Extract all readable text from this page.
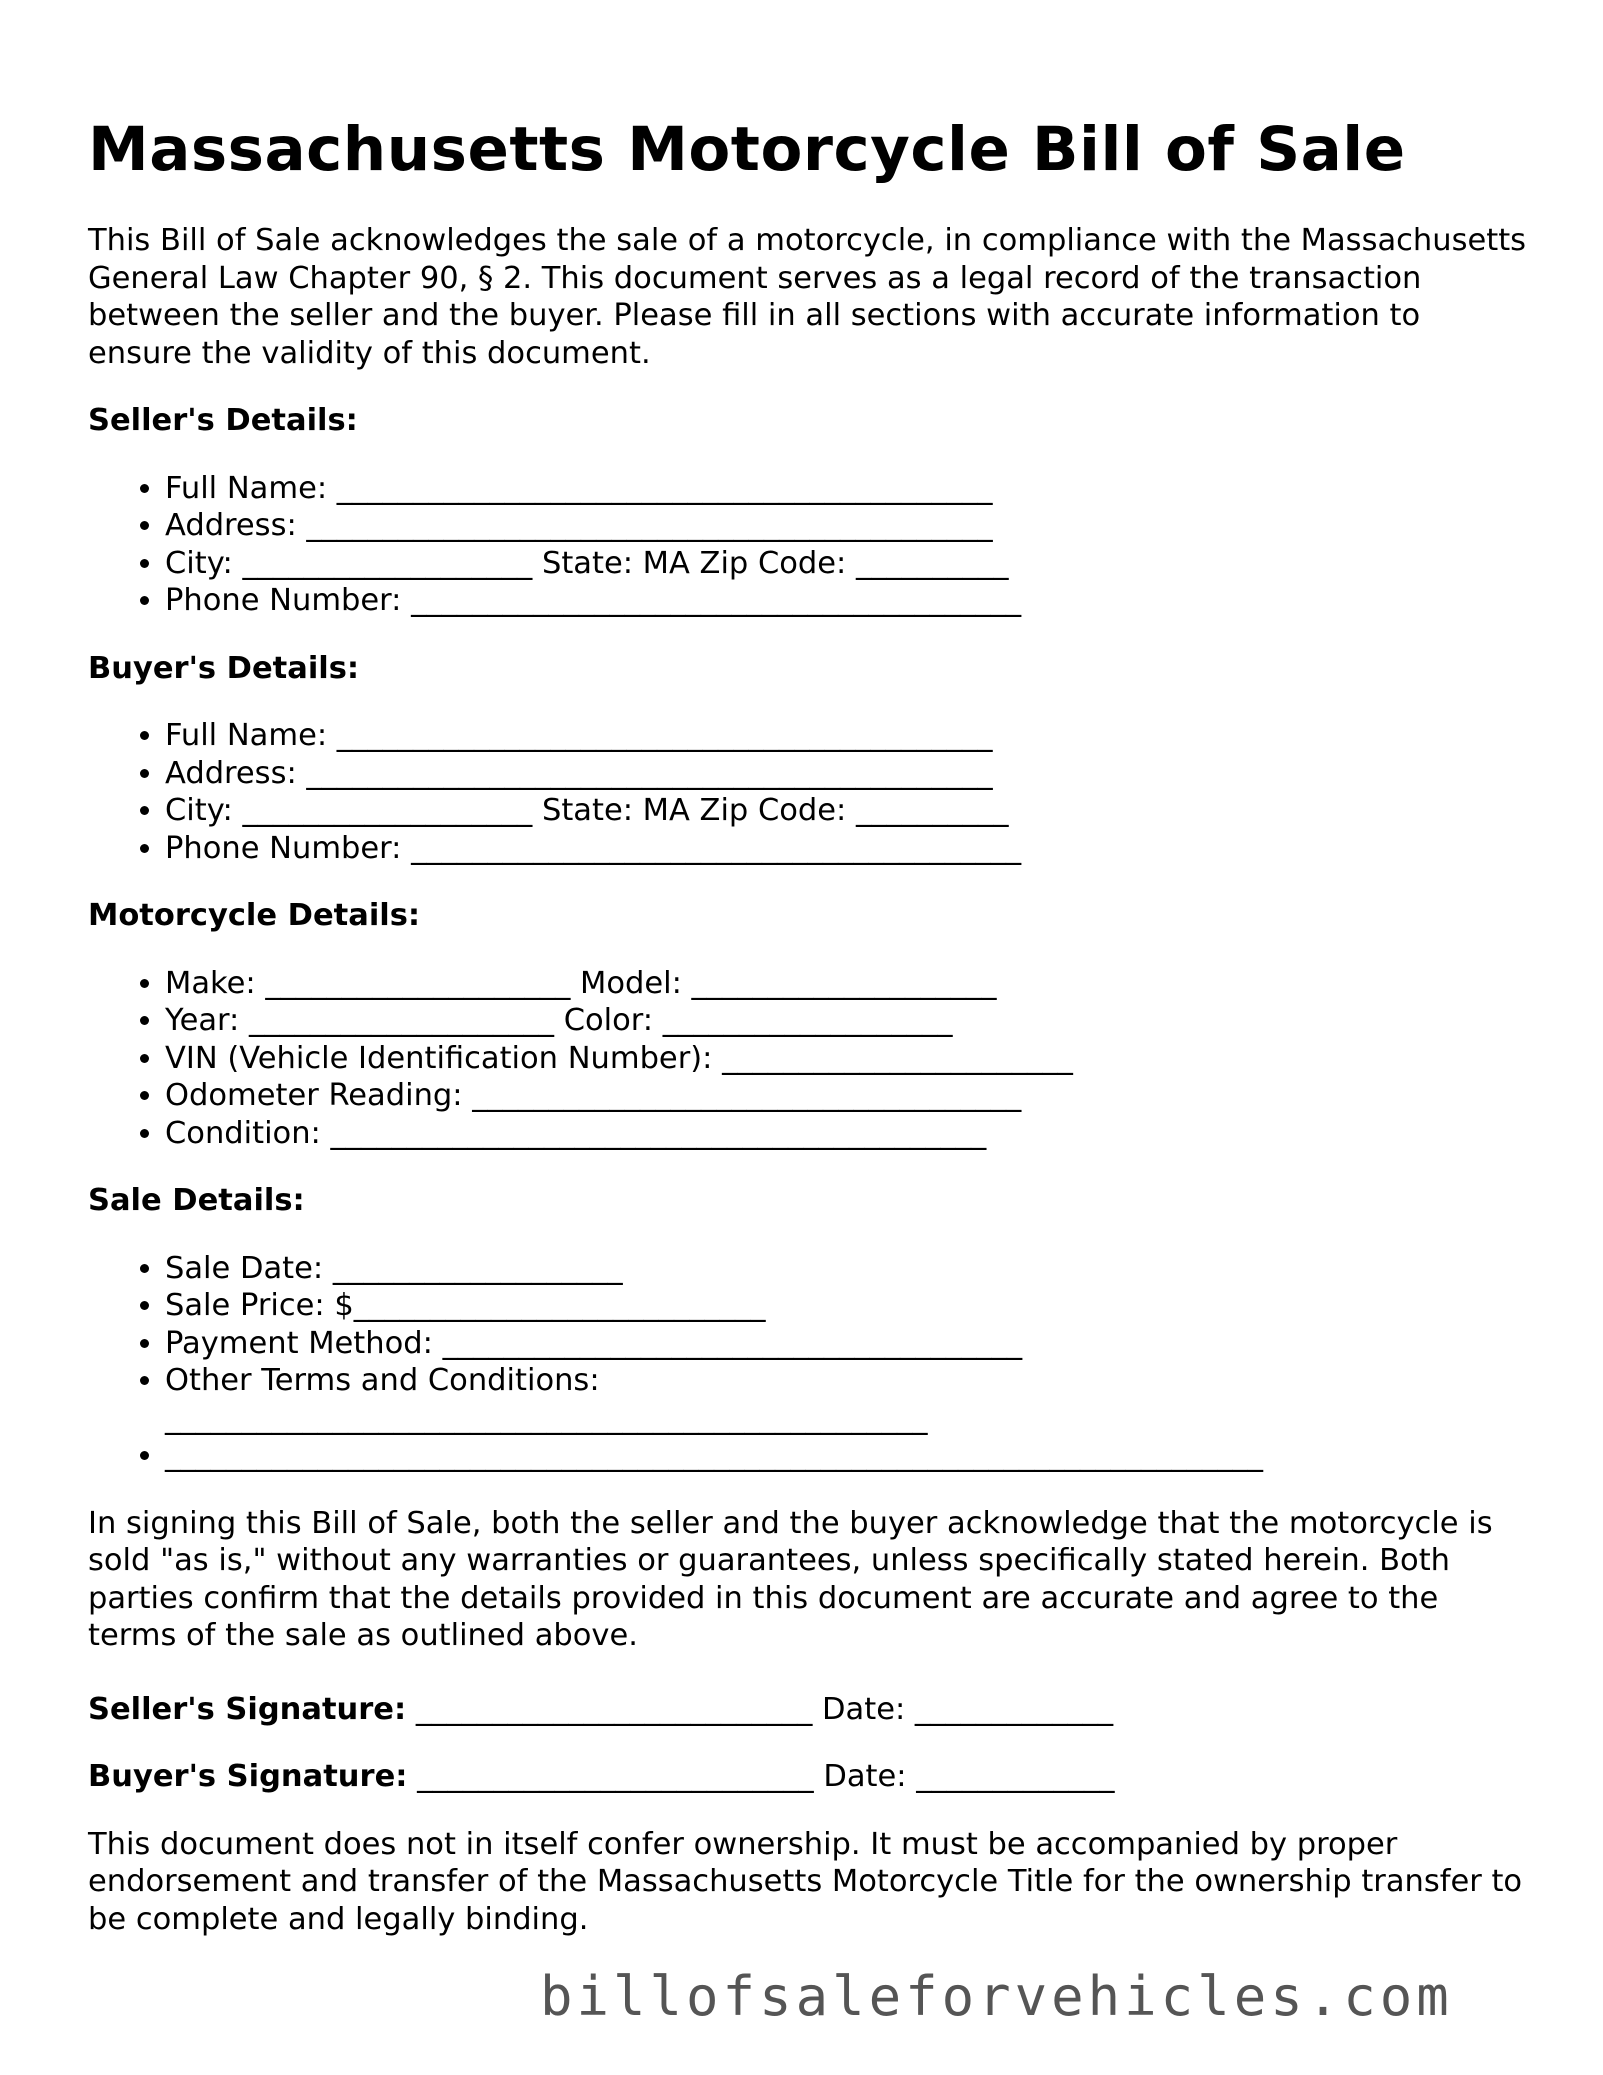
Massachusetts Motorcycle Bill of Sale

This Bill of Sale acknowledges the sale of a motorcycle, in compliance with the Massachusetts General Law Chapter 90, § 2. This document serves as a legal record of the transaction between the seller and the buyer. Please fill in all sections with accurate information to ensure the validity of this document.

Seller's Details:
• Full Name: ___________________________________________
• Address: _____________________________________________
• City: ___________________ State: MA Zip Code: __________
• Phone Number: ________________________________________
Buyer's Details:
• Full Name: ___________________________________________
• Address: _____________________________________________
• City: ___________________ State: MA Zip Code: __________
• Phone Number: ________________________________________
Motorcycle Details:
• Make: ____________________ Model: ____________________
• Year: ____________________ Color: ___________________
• VIN (Vehicle Identification Number): _______________________
• Odometer Reading: ____________________________________
• Condition: ___________________________________________
Sale Details:
• Sale Date: ___________________
• Sale Price: $___________________________
• Payment Method: ______________________________________
• Other Terms and Conditions: __________________________________________________
• ________________________________________________________________________

In signing this Bill of Sale, both the seller and the buyer acknowledge that the motorcycle is sold "as is," without any warranties or guarantees, unless specifically stated herein. Both parties confirm that the details provided in this document are accurate and agree to the terms of the sale as outlined above.

Seller's Signature: __________________________ Date: _____________
Buyer's Signature: __________________________ Date: _____________

This document does not in itself confer ownership. It must be accompanied by proper endorsement and transfer of the Massachusetts Motorcycle Title for the ownership transfer to be complete and legally binding.

billofsaleforvehicles.com
